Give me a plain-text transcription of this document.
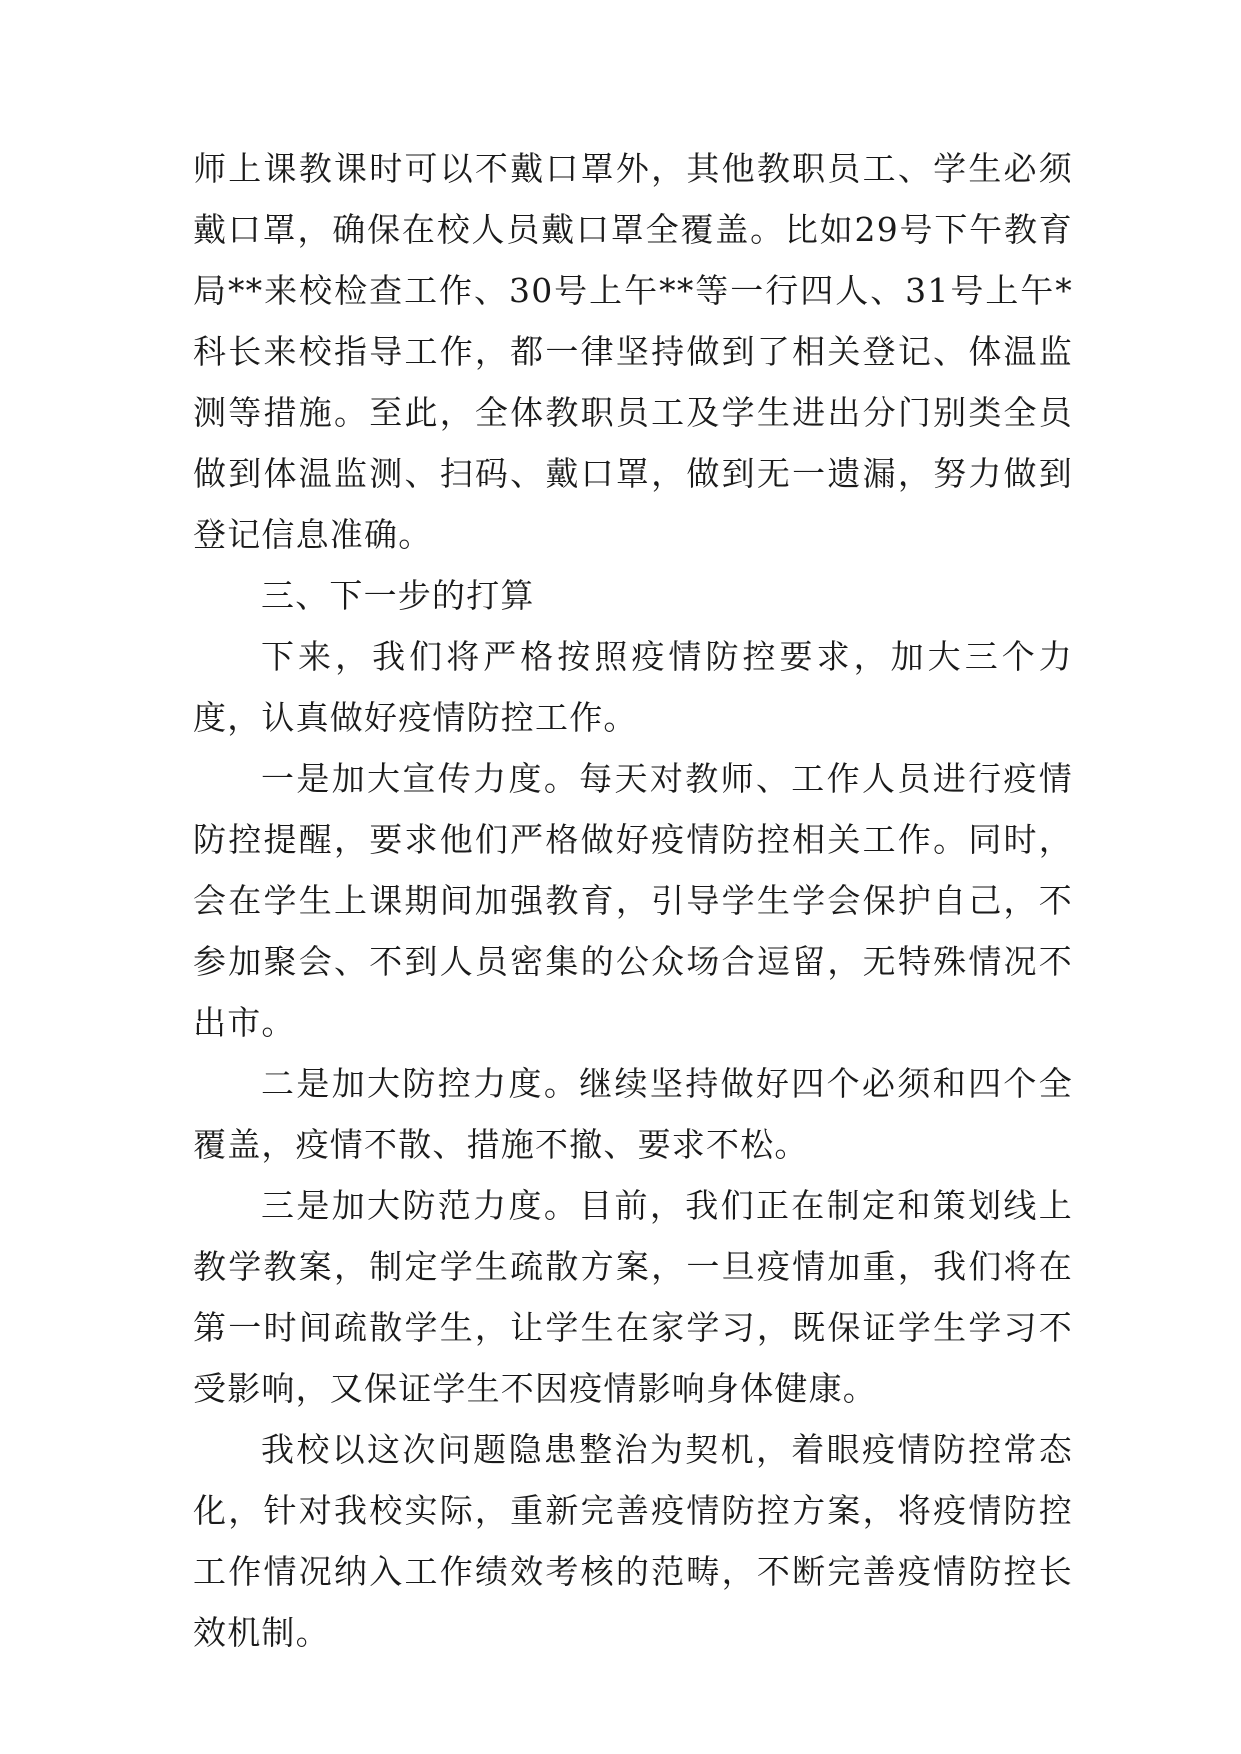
师上课教课时可以不戴口罩外，其他教职员工、学生必须戴口罩，确保在校人员戴口罩全覆盖。比如29号下午教育局**来校检查工作、30号上午**等一行四人、31号上午*科长来校指导工作，都一律坚持做到了相关登记、体温监测等措施。至此，全体教职员工及学生进出分门别类全员做到体温监测、扫码、戴口罩，做到无一遗漏，努力做到登记信息准确。

三、下一步的打算

下来，我们将严格按照疫情防控要求，加大三个力度，认真做好疫情防控工作。

一是加大宣传力度。每天对教师、工作人员进行疫情防控提醒，要求他们严格做好疫情防控相关工作。同时，会在学生上课期间加强教育，引导学生学会保护自己，不参加聚会、不到人员密集的公众场合逗留，无特殊情况不出市。

二是加大防控力度。继续坚持做好四个必须和四个全覆盖，疫情不散、措施不撤、要求不松。

三是加大防范力度。目前，我们正在制定和策划线上教学教案，制定学生疏散方案，一旦疫情加重，我们将在第一时间疏散学生，让学生在家学习，既保证学生学习不受影响，又保证学生不因疫情影响身体健康。

我校以这次问题隐患整治为契机，着眼疫情防控常态化，针对我校实际，重新完善疫情防控方案，将疫情防控工作情况纳入工作绩效考核的范畴，不断完善疫情防控长效机制。
